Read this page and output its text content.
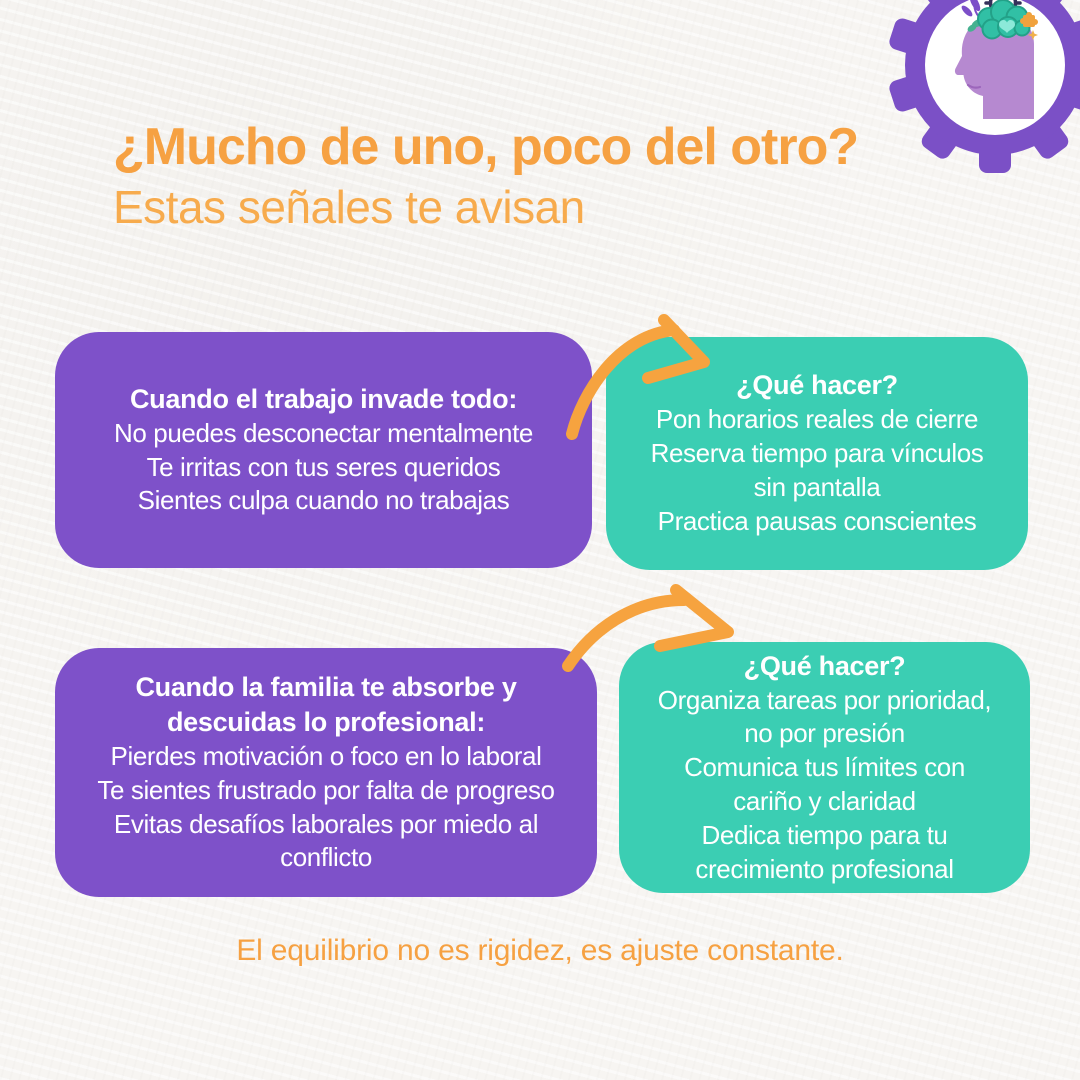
¿Mucho de uno, poco del otro?
Estas señales te avisan
Cuando el trabajo invade todo:
No puedes desconectar mentalmente
Te irritas con tus seres queridos
Sientes culpa cuando no trabajas
¿Qué hacer?
Pon horarios reales de cierre
Reserva tiempo para vínculos
sin pantalla
Practica pausas conscientes
Cuando la familia te absorbe y descuidas lo profesional:
Pierdes motivación o foco en lo laboral
Te sientes frustrado por falta de progreso
Evitas desafíos laborales por miedo al
conflicto
¿Qué hacer?
Organiza tareas por prioridad,
no por presión
Comunica tus límites con
cariño y claridad
Dedica tiempo para tu
crecimiento profesional
El equilibrio no es rigidez, es ajuste constante.
